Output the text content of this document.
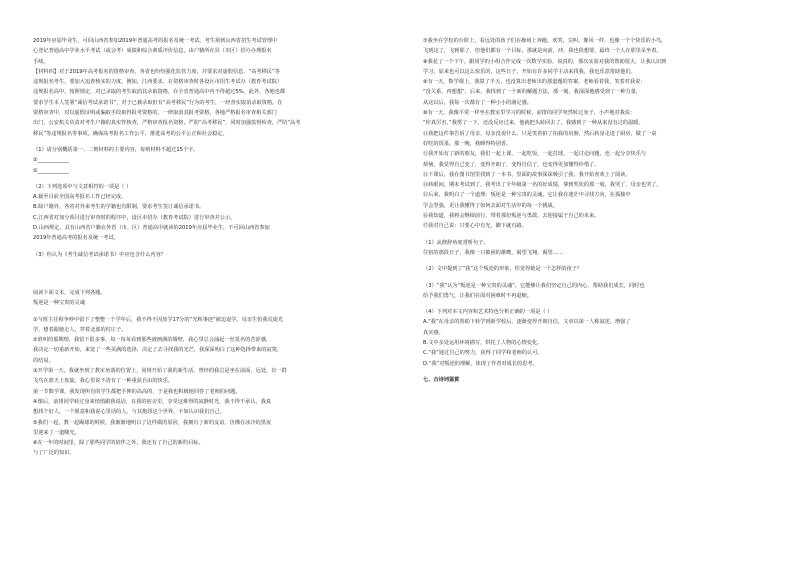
2019年应届毕业生，可回山西省参加2019年普通高考的报名及统一考试。考生须到山西省招生考试管理中

心登记普通高中学业水平考试（或会考）成绩和综合素质评价信息，由户籍所在县（市区）招办办理报名

手续。

【材料四】对于2019年高考报名的资格审查，各省也纷纷强化监管力度，并要求对虚假信息、“高考移民”等

违规报名考生，要加大追查核实的力度。例如，江西要求，在资格审查时各设区市招生考试办（教育考试院）

违规报名高中，按照规定，对已录取的考生取消其录取资格，在全省普通高中内不得超过5%。此外，各地也都

要求学生本人签署“诚信考试承诺书”，对于已被录取但有“高考移民”行为的考生，一经查实取消录取资格。在

资格审查中，对以虚假证明或骗取手段取得报考资格的，一律取消其报考资格，各地严格报名审查相关部门

出门，公安机关负责对考生户籍的真实性核查，严格审查报名资格，严防“高考移民”，同时加强监督检查，严防“高考

移民”等违规报名等事项，确保高考报名工作公平，推进高考的公平公正和社会稳定。

（1）请分别概括第一、二则材料的主要内容，每则材料不超过15个字。

①____________

②____________

（2）下列选项中与文意相符的一项是（ ）

A.截至目前全国高考报名工作已经完成。

B.除户籍外，各省对外来考生的学籍也有限制，要求考生签订诚信承诺书。

C.江西省对加分项目进行审查时的程序中，设区市招办（教育考试院）进行审查并公示。

D.山西规定，具有山西省户籍在外省（市、区）普通高中就读的2019年应届毕业生，不可回山西省参加

2019年普通高考的报名及统一考试。

（3）你认为《考生诚信考试承诺书》中应包含什么内容？

阅读下面文本，完成下列各题。

叛逆是一种宝贵的灵魂

①与班主任相争吵中留下了整整一个学年后，我不得不因放学17分的“光辉事迹”被迫退学。母亲生怕我荒废光

学，想着跟她走人，穿着北部的村庄子。

②谁叫的那期理，我留下很多事，每一每每看到那些被画满的墙壁，我心里总会涌起一丝莫名的苦涩感，

我决定一切重新开始，来宽了一些美满的选择，决定了去寻找我的光芒，我深深明白了这种选择带来的寂寞，

的结局。

③开学第一天，我就坐到了教室角落的位置上，同班开始了我的新生活。曾经的我总是坐在前面，远处，有一群

飞鸟在蓝天上盘旋，我心里说不清有了一种重获自由的快乐。

第一节数学课，我发现所有的学生都把手伸的高高的，于是我也积极地回答了老师的问题。

④课后，前排同学转过身来悄悄跟我说话，在我的宿舍里，享受这难得的寂静时光，我不得不承认，我真

想找个好人，一个愿意和我说心里话的人，与其抱怨这个世界，不如认识我们自己。

⑤我们一起，教一起踢球的时候，我渐渐地明白了这样做的原因，我拥有了新的友谊，仿佛在冰冷的黑夜

里迎来了一道曙光。

⑥在一年的时间里，除了那些同学的陪伴之外，我还有了自己的新的目标。

与了广泛的知识。

⑦我坐在学校的台阶上，看远处的孩子们在操场上奔跑，欢笑，尖叫，像风一样，也像一个个快乐的小鸟，

飞到这了，飞到那了，但他们都有一个目标，那就是向前，冲，我也很想要，最终一个人在那里呆坐着。

⑧我花了一个下午，跟同学的小组合作完成一次数学实验，说真的，那次实验对我的帮助很大，让我认识到

学习，原来也可以这么快乐的，这些日子，开始有许多同学主动来找我，我也乐意帮助他们。

⑨有一天，数学课上，我算了半天，也没算出老师出的那道题的答案，老师看着我，笑着对我说：

“没关系，再想想”，后来，我找到了一个新的解题方法，那一刻，我深深地感受到了一种力量，

从这以后，我每一次都有了一种小小的满足感。

⑩有一天，我像平常一样坐在教室里学习的时候，前排的同学突然转过身子，小声地对我说：

“你真厉害，”我愣了一下，还没反应过来，他就把头转回去了，我感到了一种从来没有过的温暖。

⑪我把这件事告诉了母亲，母亲没说什么，只是笑着拍了拍我的肩膀，然后转身走进了厨房，做了一桌

好吃的饭菜，那一晚，我睡得特别香。

⑫我开始有了新的朋友，我们一起上课，一起吃饭，一起打球，一起讨论问题，也一起分享快乐与

烦恼，我觉得自己变了，变得开朗了，变得自信了，也变得更加懂得珍惜了。

⑬下课后，我在图书馆里找到了一本书，里面的故事深深吸引了我，我开始喜欢上了阅读。

⑭转眼间，期末考试到了，我考出了全年级第一名的好成绩，拿到奖状的那一刻，我哭了，母亲也哭了。

⑮后来，我明白了一个道理：叛逆是一种宝贵的灵魂，它让我在迷茫中寻找方向，在孤独中

学会坚强，更让我懂得了如何去面对生活中的每一个挑战。

⑯我知道，我将会继续前行，带着那份叛逆与勇敢，去迎接属于自己的未来。

⑰我对自己说：只要心中有光，脚下就有路。

（1）从修辞角度赏析句子。

住宿的那段日子，我像一只被困的雄鹰，渴望飞翔，渴望……

（2）文中提到了“我”这个叛逆的形象，你觉得她是一个怎样的孩子？

（3）“我”认为“叛逆是一种宝贵的灵魂”，它能够让我们坚定自己的内心，帮助我们成长，同时也

给予我们勇气，让我们在面对困难时不再退缩。

（4）下列对本文内容和艺术特色分析正确的一项是（ ）

A.“我”在母亲的帮助下转学到新学校后，逐渐变得开朗自信，文章以第一人称叙述，增强了

真实感。

B.文中多处运用环境描写，烘托了人物的心情变化。

C.“我”通过自己的努力，获得了同学和老师的认可。

D.“我”对叛逆的理解，体现了作者对成长的思考。

七、古诗词鉴赏
